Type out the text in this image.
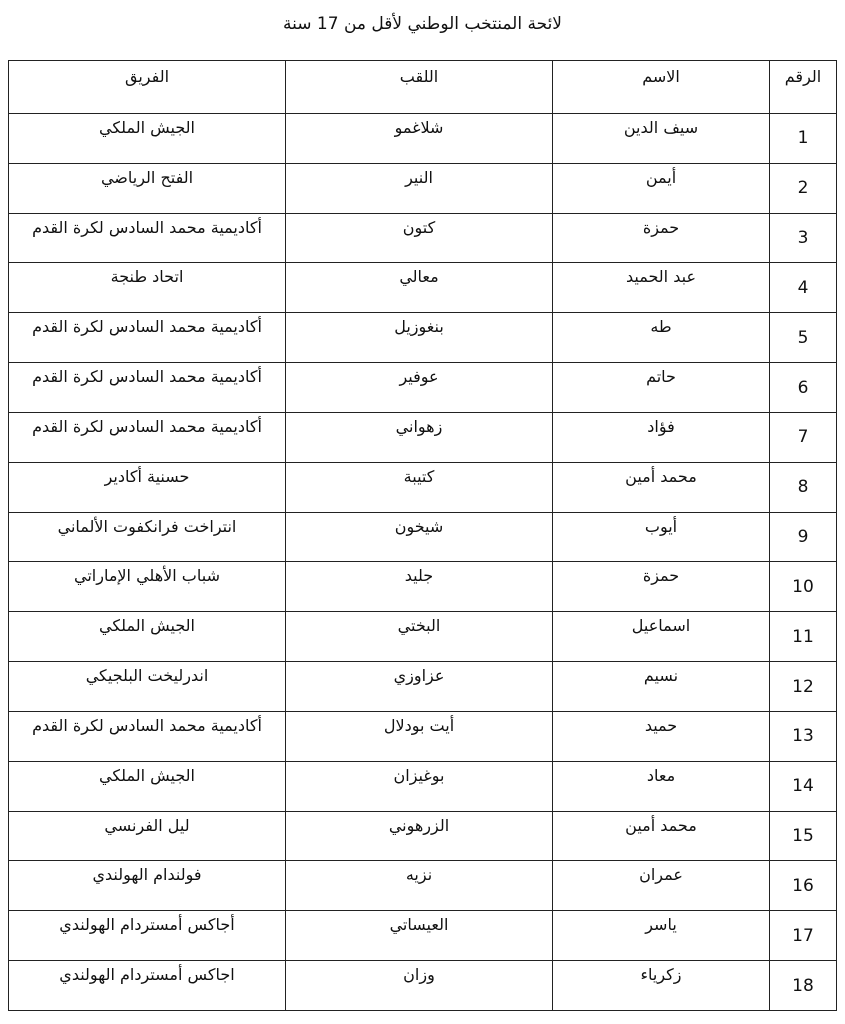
لائحة المنتخب الوطني لأقل من 17 سنة
الرقم	الاسم	اللقب	الفريق
1	سيف الدين	شلاغمو	الجيش الملكي
2	أيمن	النير	الفتح الرياضي
3	حمزة	كتون	أكاديمية محمد السادس لكرة القدم
4	عبد الحميد	معالي	اتحاد طنجة
5	طه	بنغوزيل	أكاديمية محمد السادس لكرة القدم
6	حاتم	عوفير	أكاديمية محمد السادس لكرة القدم
7	فؤاد	زهواني	أكاديمية محمد السادس لكرة القدم
8	محمد أمين	كتيبة	حسنية أكادير
9	أيوب	شيخون	انتراخت فرانكفوت الألماني
10	حمزة	جليد	شباب الأهلي الإماراتي
11	اسماعيل	البختي	الجيش الملكي
12	نسيم	عزاوزي	اندرليخت البلجيكي
13	حميد	أيت بودلال	أكاديمية محمد السادس لكرة القدم
14	معاد	بوغيزان	الجيش الملكي
15	محمد أمين	الزرهوني	ليل الفرنسي
16	عمران	نزيه	فولندام الهولندي
17	ياسر	العيساتي	أجاكس أمستردام الهولندي
18	زكرياء	وزان	اجاكس أمستردام الهولندي
